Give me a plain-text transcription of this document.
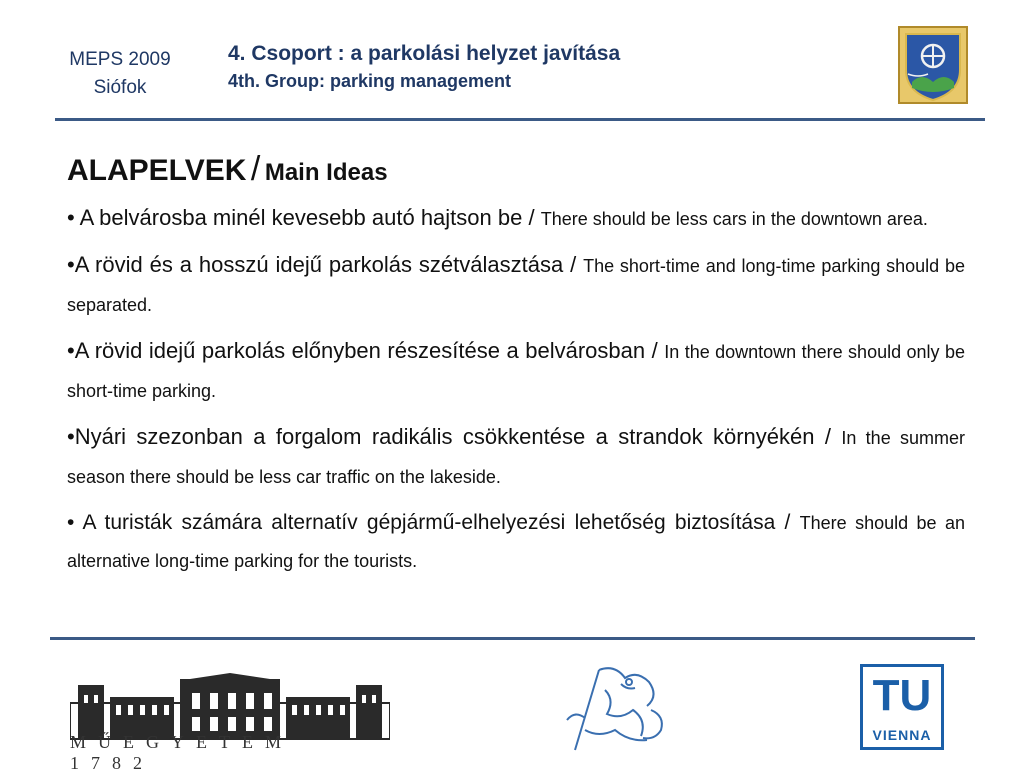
MEPS 2009
Siófok
4. Csoport : a parkolási helyzet javítása
4th. Group: parking management
ALAPELVEK / Main Ideas

• A belvárosba minél kevesebb autó hajtson be / There should be less cars in the downtown area.

•A rövid és a hosszú idejű parkolás szétválasztása / The short-time and long-time parking should be separated.

•A rövid idejű parkolás előnyben részesítése a belvárosban / In the downtown there should only be short-time parking.

•Nyári szezonban a forgalom radikális csökkentése a strandok környékén / In the summer season there should be less car traffic on the lakeside.

• A turisták számára alternatív gépjármű-elhelyezési lehetőség biztosítása / There should be an alternative long-time parking for the tourists.

MŰEGYETEM 1782
TU
VIENNA
